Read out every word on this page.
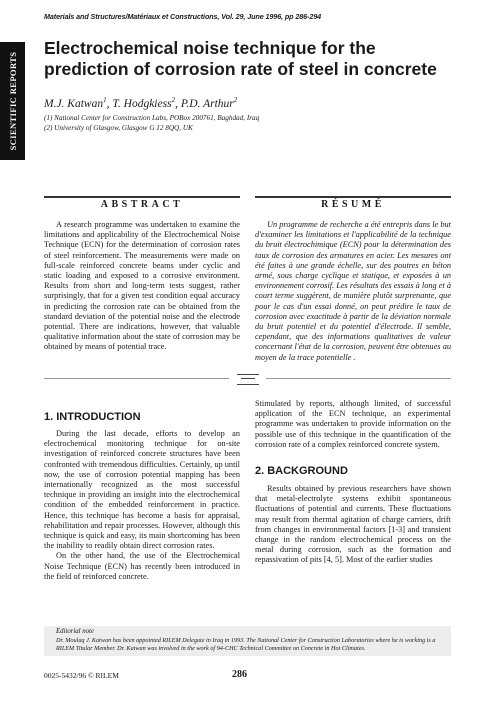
Materials and Structures/Matériaux et Constructions, Vol. 29, June 1996, pp 286-294
SCIENTIFIC REPORTS
Electrochemical noise technique for the prediction of corrosion rate of steel in concrete
M.J. Katwan$^1$, T. Hodgkiess$^2$, P.D. Arthur$^2$
(1) National Center for Construction Labs, POBox 200761, Baghdad, Iraq
(2) University of Glasgow, Glasgow G 12 8QQ, UK
ABSTRACT	RÉSUMÉ

A research programme was undertaken to examine the limitations and applicability of the Electrochemical Noise Technique (ECN) for the determination of corrosion rates of steel reinforcement. The measurements were made on full-scale reinforced concrete beams under cyclic and static loading and exposed to a corrosive environment. Results from short and long-term tests suggest, rather surprisingly, that for a given test condition equal accuracy in predicting the corrosion rate can be obtained from the standard deviation of the potential noise and the electrode potential. There are indications, however, that valuable qualitative information about the state of corrosion may be obtained by means of potential trace.

Un programme de recherche a été entrepris dans le but d'examiner les limitations et l'applicabilité de la technique du bruit électrochimique (ECN) pour la détermination des taux de corrosion des armatures en acier. Les mesures ont été faites à une grande échelle, sur des poutres en béton armé, sous charge cyclique et statique, et exposées à un environnement corrosif. Les résultats des essais à long et à court terme suggèrent, de manière plutôt surprenante, que pour le cas d'un essai donné, on peut prédire le taux de corrosion avec exactitude à partir de la déviation normale du bruit potentiel et du potentiel d'électrode. Il semble, cependant, que des informations qualitatives de valeur concernant l'état de la corrosion, peuvent être obtenues au moyen de la trace potentielle .

1. INTRODUCTION

During the last decade, efforts to develop an electrochemical monitoring technique for on-site investigation of reinforced concrete structures have been confronted with tremendous difficulties. Certainly, up until now, the use of corrosion potential mapping has been internationally recognized as the most successful technique in providing an insight into the electrochemical condition of the embedded reinforcement in practice. Hence, this technique has become a basis for appraisal, rehabilitation and repair processes. However, although this technique is quick and easy, its main shortcoming has been the inability to readily obtain direct corrosion rates.

On the other hand, the use of the Electrochemical Noise Technique (ECN) has recently been introduced in the field of reinforced concrete.

Stimulated by reports, although limited, of successful application of the ECN technique, an experimental programme was undertaken to provide information on the possible use of this technique in the quantification of the corrosion rate of a complex reinforced concrete system.

2. BACKGROUND

Results obtained by previous researchers have shown that metal-electrolyte systems exhibit spontaneous fluctuations of potential and currents. These fluctuations may result from thermal agitation of charge carriers, drift from changes in environmental factors [1-3] and transient change in the random electrochemical process on the metal during corrosion, such as the formation and repassivation of pits [4, 5]. Most of the earlier studies

Editorial note
Dr. Moulaq J. Katwan has been appointed RILEM Delegate in Iraq in 1993. The National Center for Construction Laboratories where he is working is a RILEM Titular Member. Dr. Katwan was involved in the work of 94-CHC Technical Committee on Concrete in Hot Climates.
0025-5432/96 © RILEM	286
